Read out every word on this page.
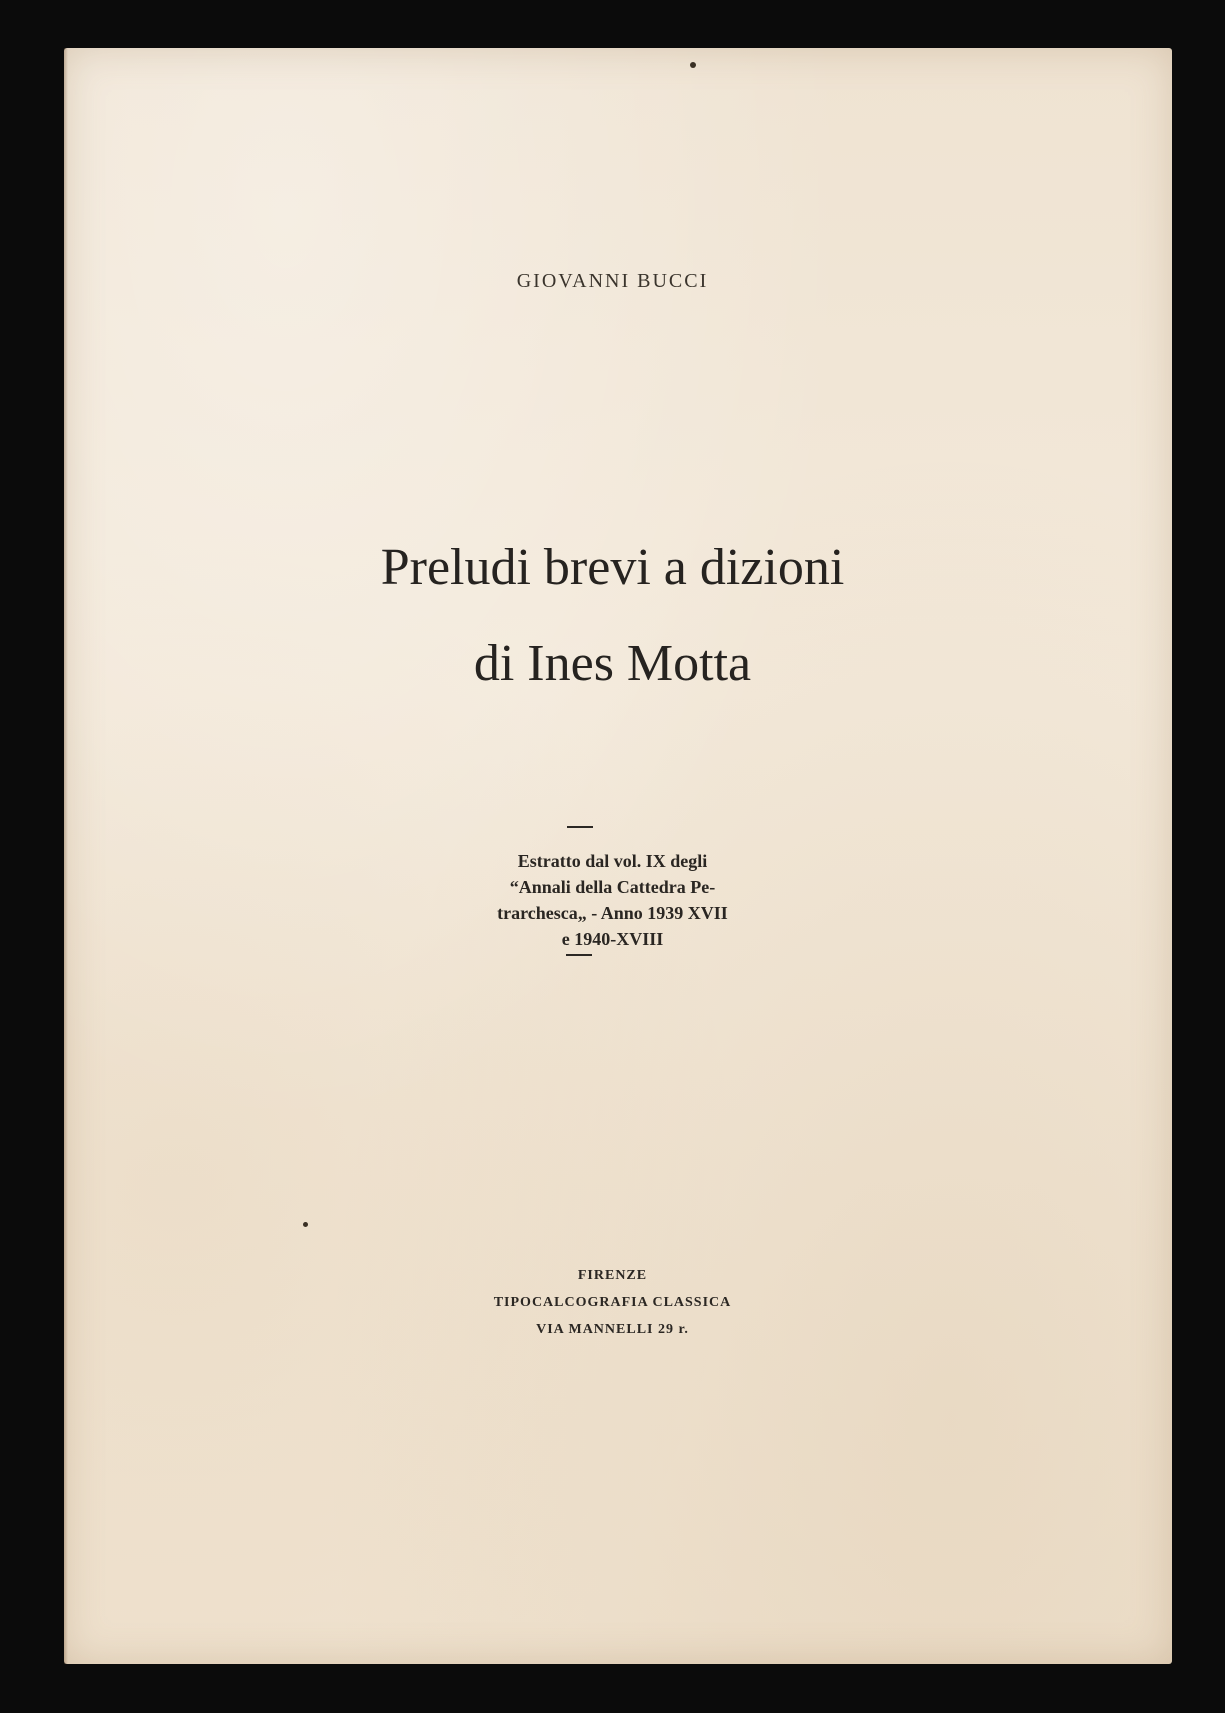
GIOVANNI BUCCI
Preludi brevi a dizioni
di Ines Motta
Estratto dal vol. IX degli
“Annali della Cattedra Pe-
trarchesca„ - Anno 1939 XVII
e 1940-XVIII
FIRENZE
TIPOCALCOGRAFIA CLASSICA
VIA MANNELLI 29 r.
